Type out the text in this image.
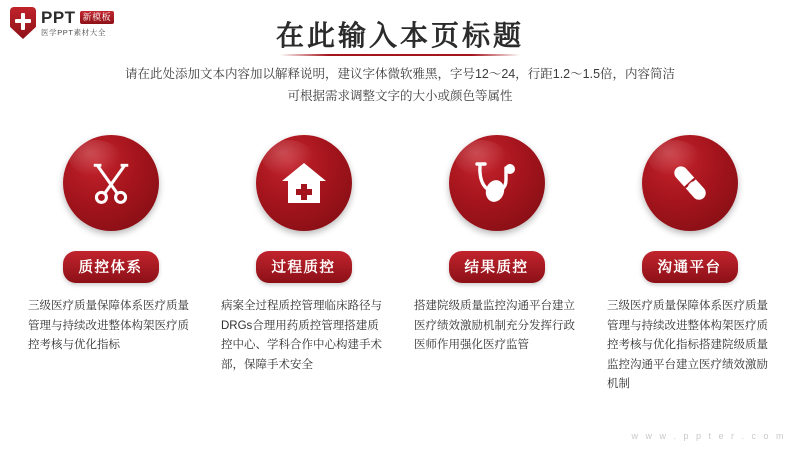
PPT 新模板
医学PPT素材大全	在此输入本页标题
请在此处添加文本内容加以解释说明，建议字体微软雅黑，字号12～24，行距1.2～1.5倍，内容简洁
可根据需求调整文字的大小或颜色等属性
质控体系
三级医疗质量保障体系医疗质量管理与持续改进整体构架医疗质控考核与优化指标
过程质控
病案全过程质控管理临床路径与DRGs合理用药质控管理搭建质控中心、学科合作中心构建手术部，保障手术安全
结果质控
搭建院级质量监控沟通平台建立医疗绩效激励机制充分发挥行政医师作用强化医疗监管
沟通平台
三级医疗质量保障体系医疗质量管理与持续改进整体构架医疗质控考核与优化指标搭建院级质量监控沟通平台建立医疗绩效激励机制
w w w . p p t e r . c o m
